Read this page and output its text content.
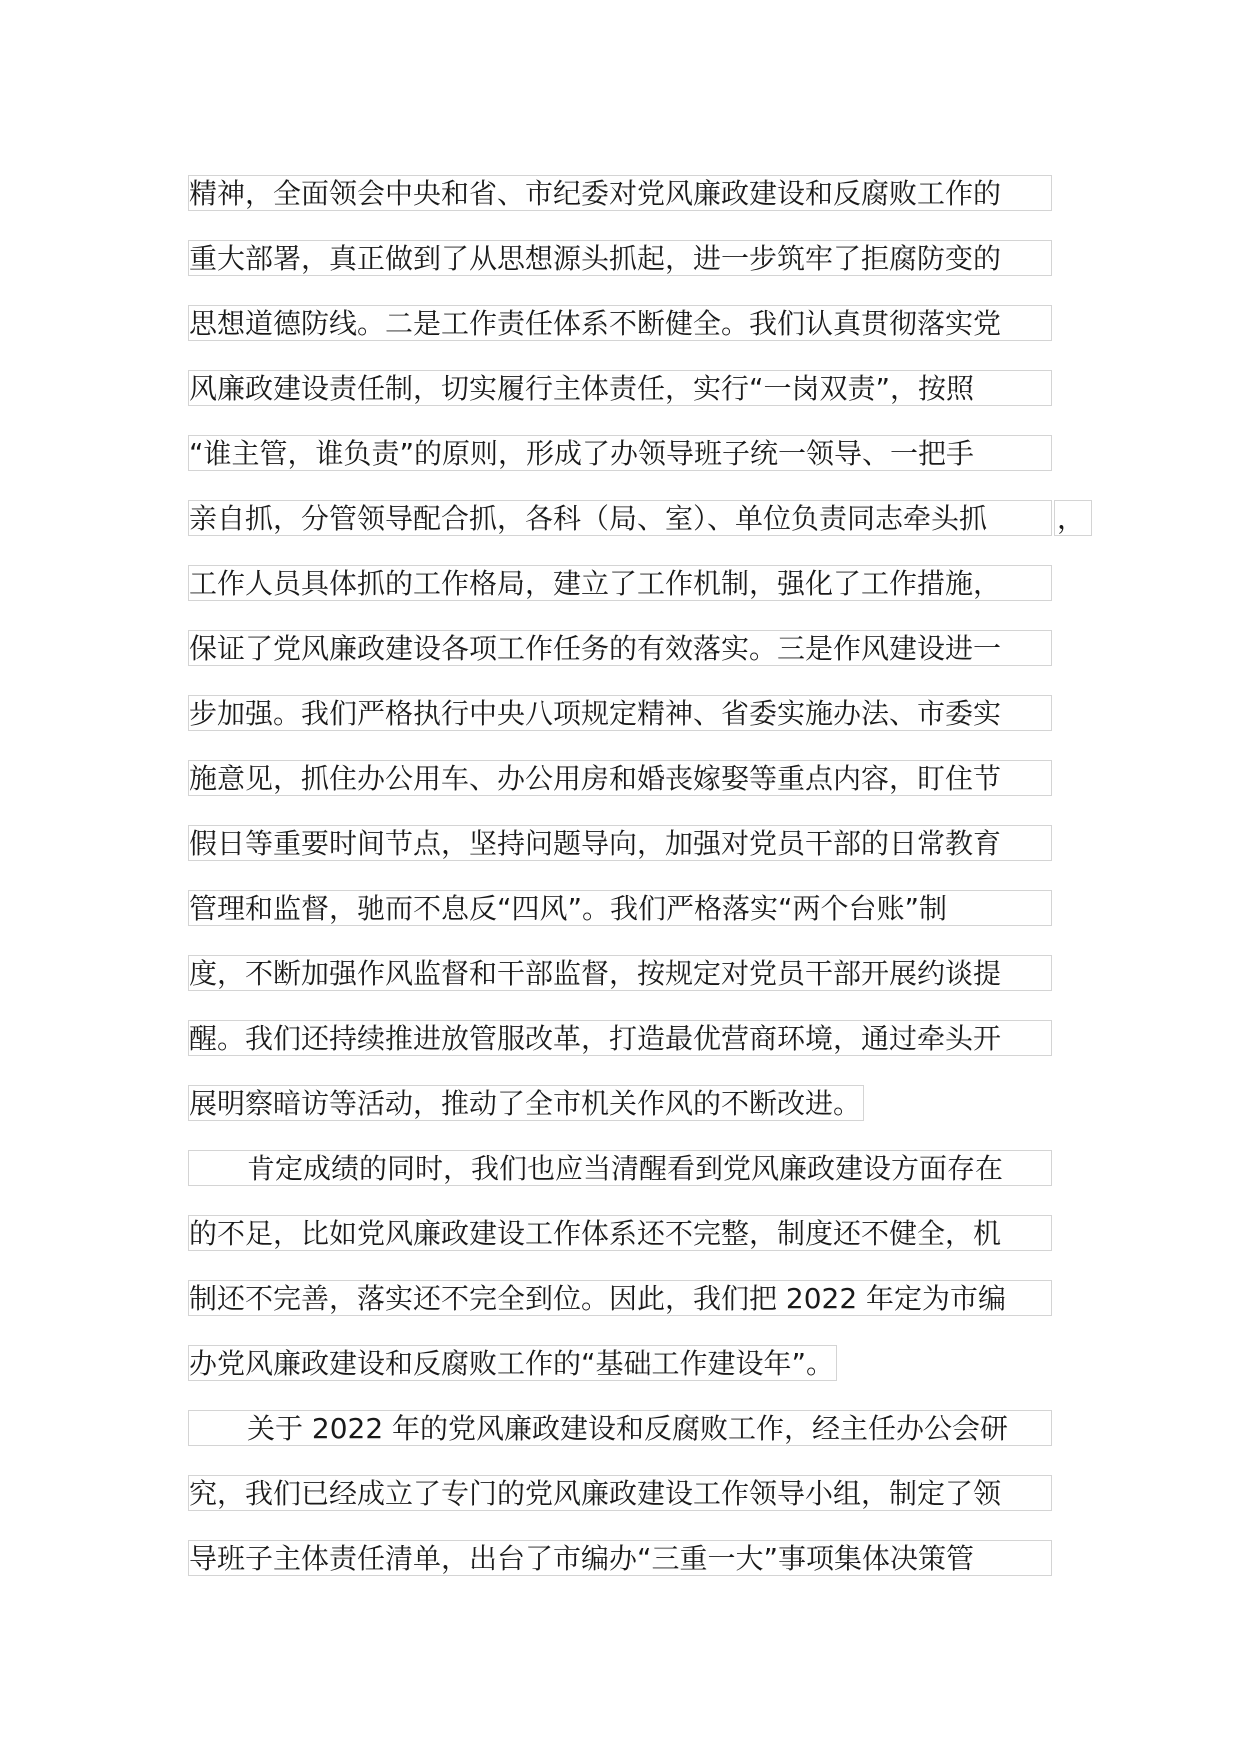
精神，全面领会中央和省、市纪委对党风廉政建设和反腐败工作的
重大部署，真正做到了从思想源头抓起，进一步筑牢了拒腐防变的
思想道德防线。二是工作责任体系不断健全。我们认真贯彻落实党
风廉政建设责任制，切实履行主体责任，实行“一岗双责”，按照
“谁主管，谁负责”的原则，形成了办领导班子统一领导、一把手
亲自抓，分管领导配合抓，各科（局、室）、单位负责同志牵头抓 ，
工作人员具体抓的工作格局，建立了工作机制，强化了工作措施，
保证了党风廉政建设各项工作任务的有效落实。三是作风建设进一
步加强。我们严格执行中央八项规定精神、省委实施办法、市委实
施意见，抓住办公用车、办公用房和婚丧嫁娶等重点内容，盯住节
假日等重要时间节点，坚持问题导向，加强对党员干部的日常教育
管理和监督，驰而不息反“四风”。我们严格落实“两个台账”制
度，不断加强作风监督和干部监督，按规定对党员干部开展约谈提
醒。我们还持续推进放管服改革，打造最优营商环境，通过牵头开
展明察暗访等活动，推动了全市机关作风的不断改进。
肯定成绩的同时，我们也应当清醒看到党风廉政建设方面存在
的不足，比如党风廉政建设工作体系还不完整，制度还不健全，机
制还不完善，落实还不完全到位。因此，我们把 2022 年定为市编
办党风廉政建设和反腐败工作的“基础工作建设年”。
关于 2022 年的党风廉政建设和反腐败工作，经主任办公会研
究，我们已经成立了专门的党风廉政建设工作领导小组，制定了领
导班子主体责任清单，出台了市编办“三重一大”事项集体决策管
